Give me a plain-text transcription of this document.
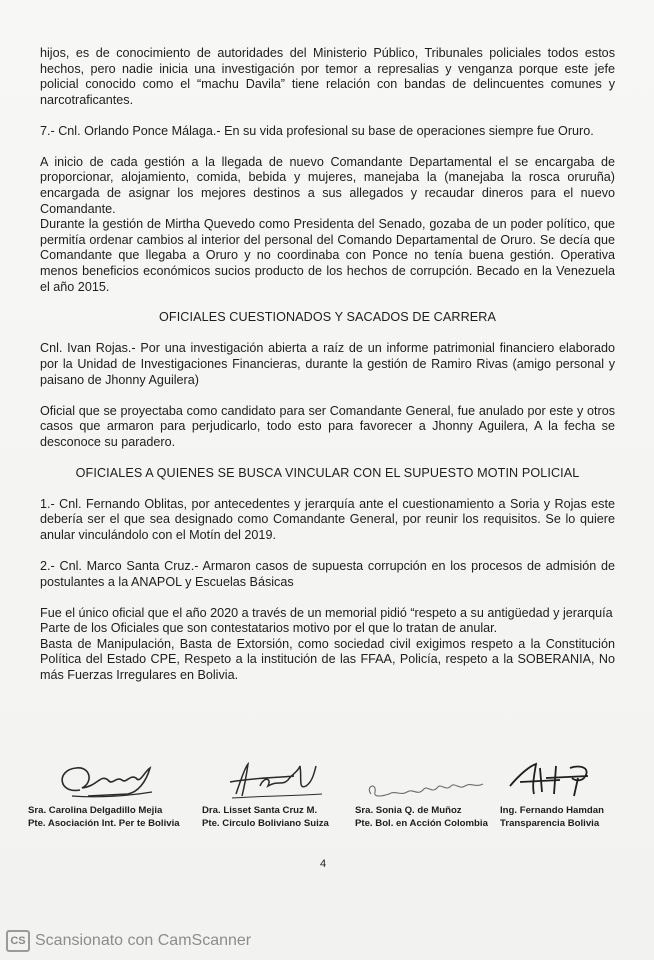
hijos, es de conocimiento de autoridades del Ministerio Público, Tribunales policiales todos estos hechos, pero nadie inicia una investigación por temor a represalias y venganza porque este jefe policial conocido como el “machu Davila” tiene relación con bandas de delincuentes comunes y narcotraficantes.

7.- Cnl. Orlando Ponce Málaga.- En su vida profesional su base de operaciones siempre fue Oruro.

A inicio de cada gestión a la llegada de nuevo Comandante Departamental el se encargaba de proporcionar, alojamiento, comida, bebida y mujeres, manejaba la (manejaba la rosca oruruña) encargada de asignar los mejores destinos a sus allegados y recaudar dineros para el nuevo Comandante.

Durante la gestión de Mirtha Quevedo como Presidenta del Senado, gozaba de un poder político, que permitía ordenar cambios al interior del personal del Comando Departamental de Oruro. Se decía que Comandante que llegaba a Oruro y no coordinaba con Ponce no tenía buena gestión. Operativa menos beneficios económicos sucios producto de los hechos de corrupción. Becado en la Venezuela el año 2015.

OFICIALES CUESTIONADOS Y SACADOS DE CARRERA

Cnl. Ivan Rojas.- Por una investigación abierta a raíz de un informe patrimonial financiero elaborado por la Unidad de Investigaciones Financieras, durante la gestión de Ramiro Rivas (amigo personal y paisano de Jhonny Aguilera)

Oficial que se proyectaba como candidato para ser Comandante General, fue anulado por este y otros casos que armaron para perjudicarlo, todo esto para favorecer a Jhonny Aguilera, A la fecha se desconoce su paradero.

OFICIALES A QUIENES SE BUSCA VINCULAR CON EL SUPUESTO MOTIN POLICIAL

1.- Cnl. Fernando Oblitas, por antecedentes y jerarquía ante el cuestionamiento a Soria y Rojas este debería ser el que sea designado como Comandante General, por reunir los requisitos. Se lo quiere anular vinculándolo con el Motín del 2019.

2.- Cnl. Marco Santa Cruz.- Armaron casos de supuesta corrupción en los procesos de admisión de postulantes a la ANAPOL y Escuelas Básicas

Fue el único oficial que el año 2020 a través de un memorial pidió “respeto a su antigüedad y jerarquía

Parte de los Oficiales que son contestatarios motivo por el que lo tratan de anular.

Basta de Manipulación, Basta de Extorsión, como sociedad civil exigimos respeto a la Constitución Política del Estado CPE, Respeto a la institución de las FFAA, Policía, respeto a la SOBERANIA, No más Fuerzas Irregulares en Bolivia.

Sra. Carolina Delgadillo Mejia
Pte. Asociación Int. Per te Bolivia
Dra. Lisset Santa Cruz M.
Pte. Circulo Boliviano Suiza
Sra. Sonia Q. de Muñoz
Pte. Bol. en Acción Colombia
Ing. Fernando Hamdan
Transparencia Bolivia
4
CS Scansionato con CamScanner
